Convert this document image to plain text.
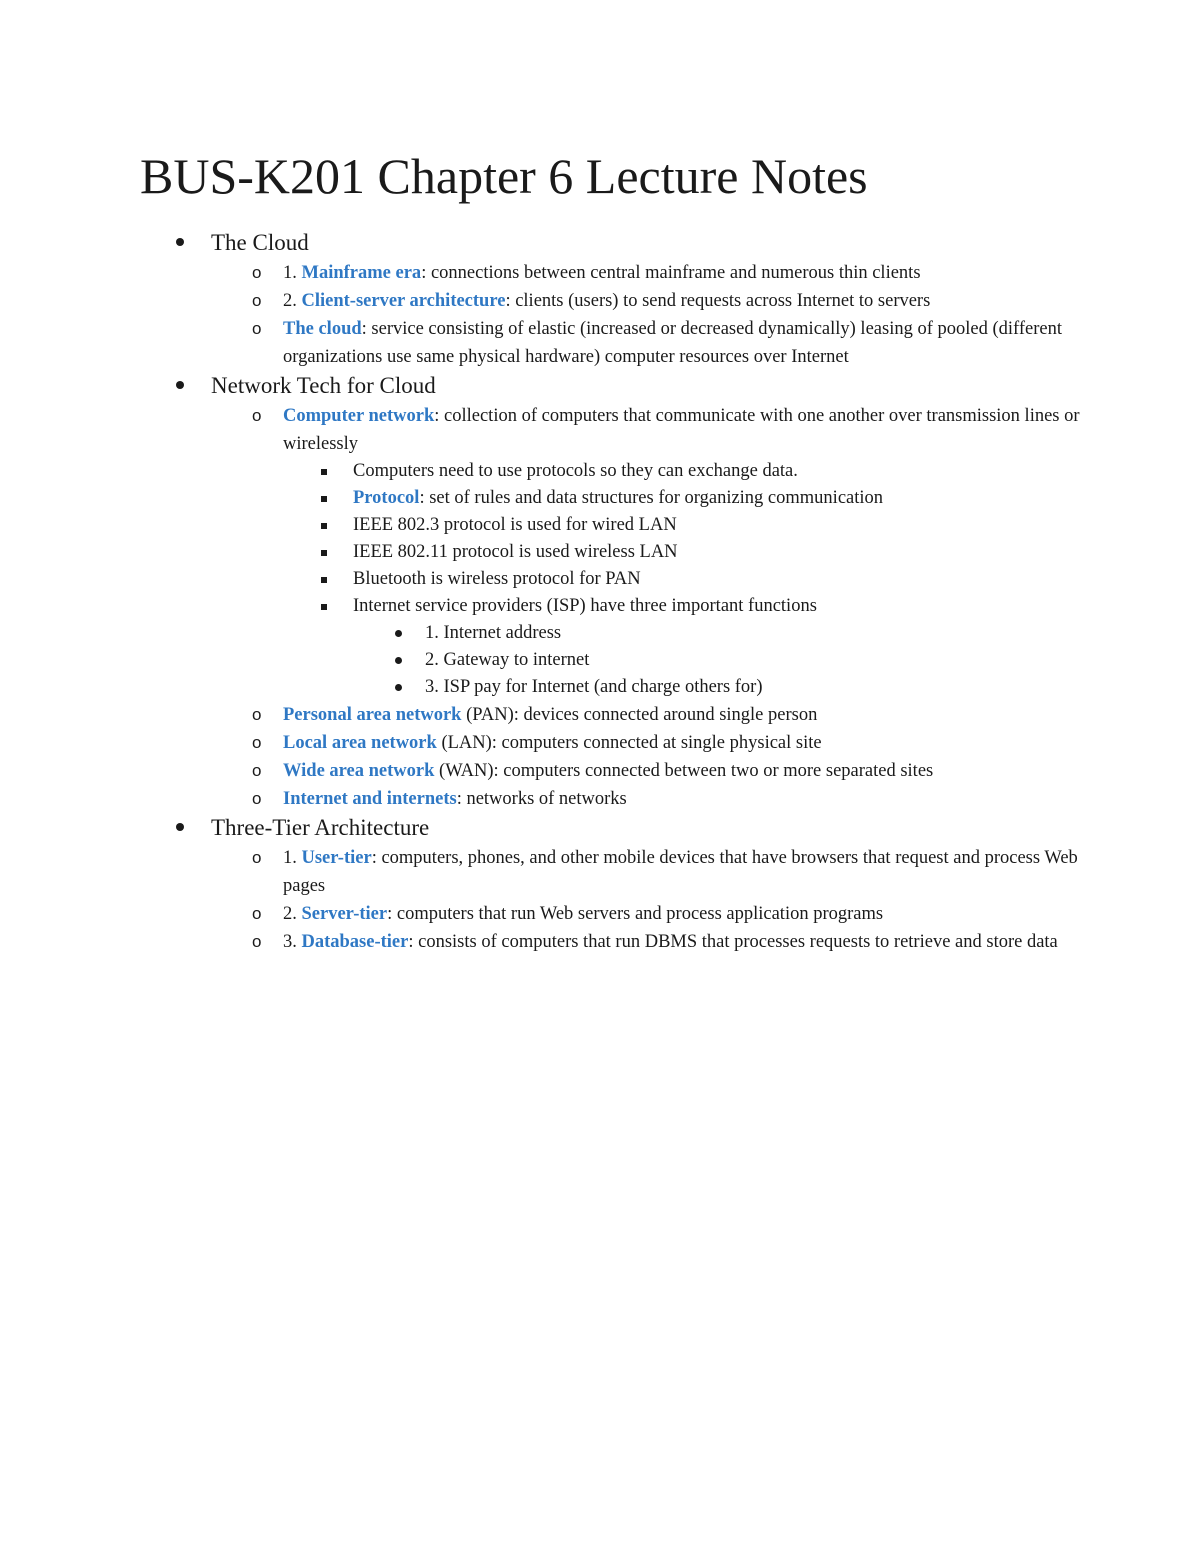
BUS-K201 Chapter 6 Lecture Notes
The Cloud
o 1. Mainframe era: connections between central mainframe and numerous thin clients
o 2. Client-server architecture: clients (users) to send requests across Internet to servers
o The cloud: service consisting of elastic (increased or decreased dynamically) leasing of pooled (different organizations use same physical hardware) computer resources over Internet
Network Tech for Cloud
o Computer network: collection of computers that communicate with one another over transmission lines or wirelessly
Computers need to use protocols so they can exchange data.
Protocol: set of rules and data structures for organizing communication
IEEE 802.3 protocol is used for wired LAN
IEEE 802.11 protocol is used wireless LAN
Bluetooth is wireless protocol for PAN
Internet service providers (ISP) have three important functions
1. Internet address
2. Gateway to internet
3. ISP pay for Internet (and charge others for)
o Personal area network (PAN): devices connected around single person
o Local area network (LAN): computers connected at single physical site
o Wide area network (WAN): computers connected between two or more separated sites
o Internet and internets: networks of networks
Three-Tier Architecture
o 1. User-tier: computers, phones, and other mobile devices that have browsers that request and process Web pages
o 2. Server-tier: computers that run Web servers and process application programs
o 3. Database-tier: consists of computers that run DBMS that processes requests to retrieve and store data
